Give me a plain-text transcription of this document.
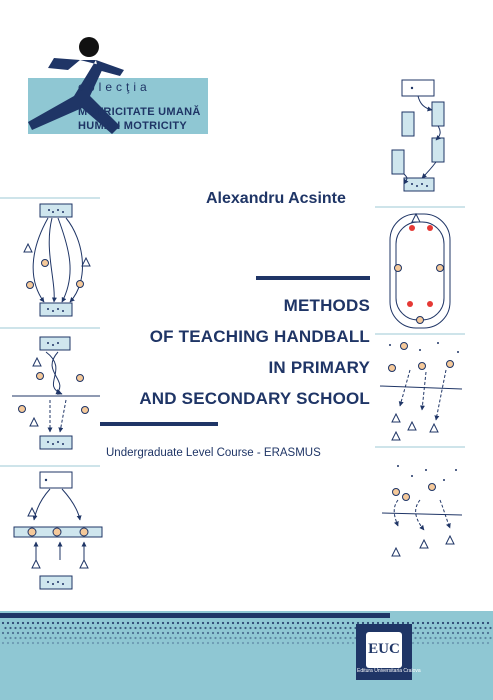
colecţia
MOTRICITATE UMANĂ
HUMAN MOTRICITY
Alexandru Acsinte
METHODS
OF TEACHING HANDBALL
IN PRIMARY
AND SECONDARY SCHOOL
Undergraduate Level Course - ERASMUS
EUC
Editura Universitaria Craiova
